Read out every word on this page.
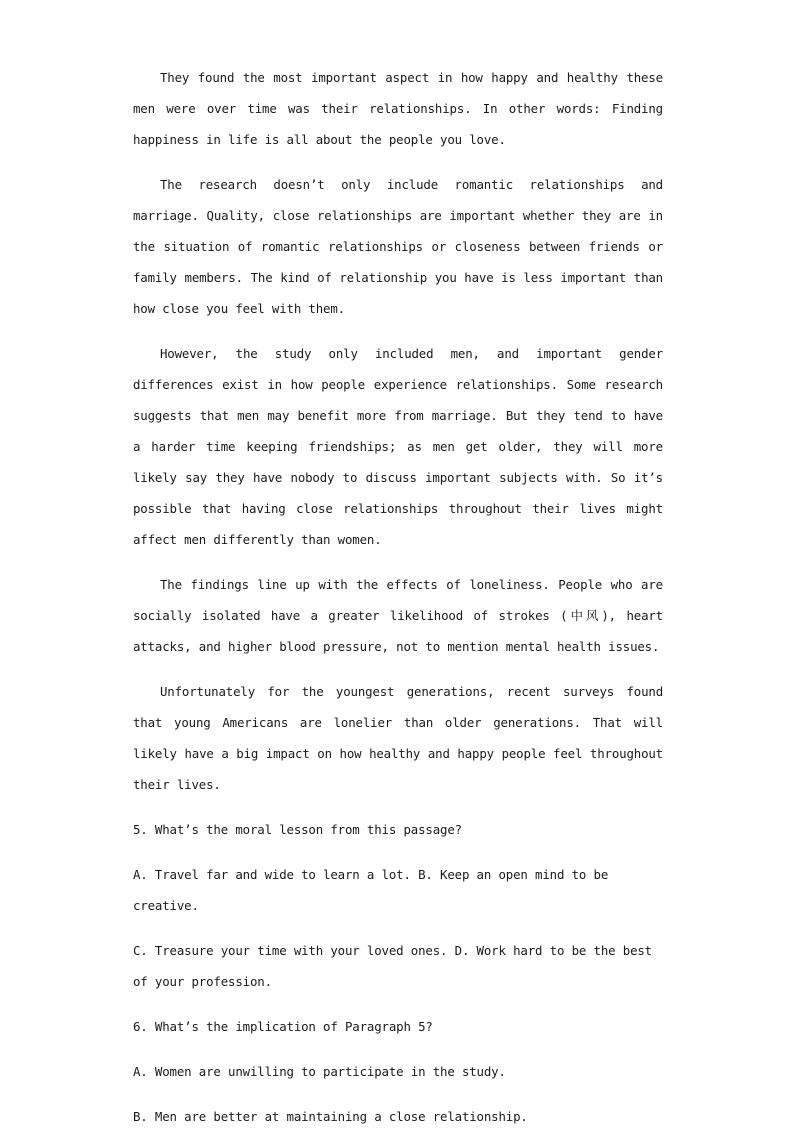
They found the most important aspect in how happy and healthy these men were over time was their relationships. In other words: Finding happiness in life is all about the people you love.

The research doesn’t only include romantic relationships and marriage. Quality, close relationships are important whether they are in the situation of romantic relationships or closeness between friends or family members. The kind of relationship you have is less important than how close you feel with them.

However, the study only included men, and important gender differences exist in how people experience relationships. Some research suggests that men may benefit more from marriage. But they tend to have a harder time keeping friendships; as men get older, they will more likely say they have nobody to discuss important subjects with. So it’s possible that having close relationships throughout their lives might affect men differently than women.

The findings line up with the effects of loneliness. People who are socially isolated have a greater likelihood of strokes (中风), heart attacks, and higher blood pressure, not to mention mental health issues.

Unfortunately for the youngest generations, recent surveys found that young Americans are lonelier than older generations. That will likely have a big impact on how healthy and happy people feel throughout their lives.

5. What’s the moral lesson from this passage?

A. Travel far and wide to learn a lot. B. Keep an open mind to be creative.

C. Treasure your time with your loved ones. D. Work hard to be the best of your profession.

6. What’s the implication of Paragraph 5?

A. Women are unwilling to participate in the study.

B. Men are better at maintaining a close relationship.
